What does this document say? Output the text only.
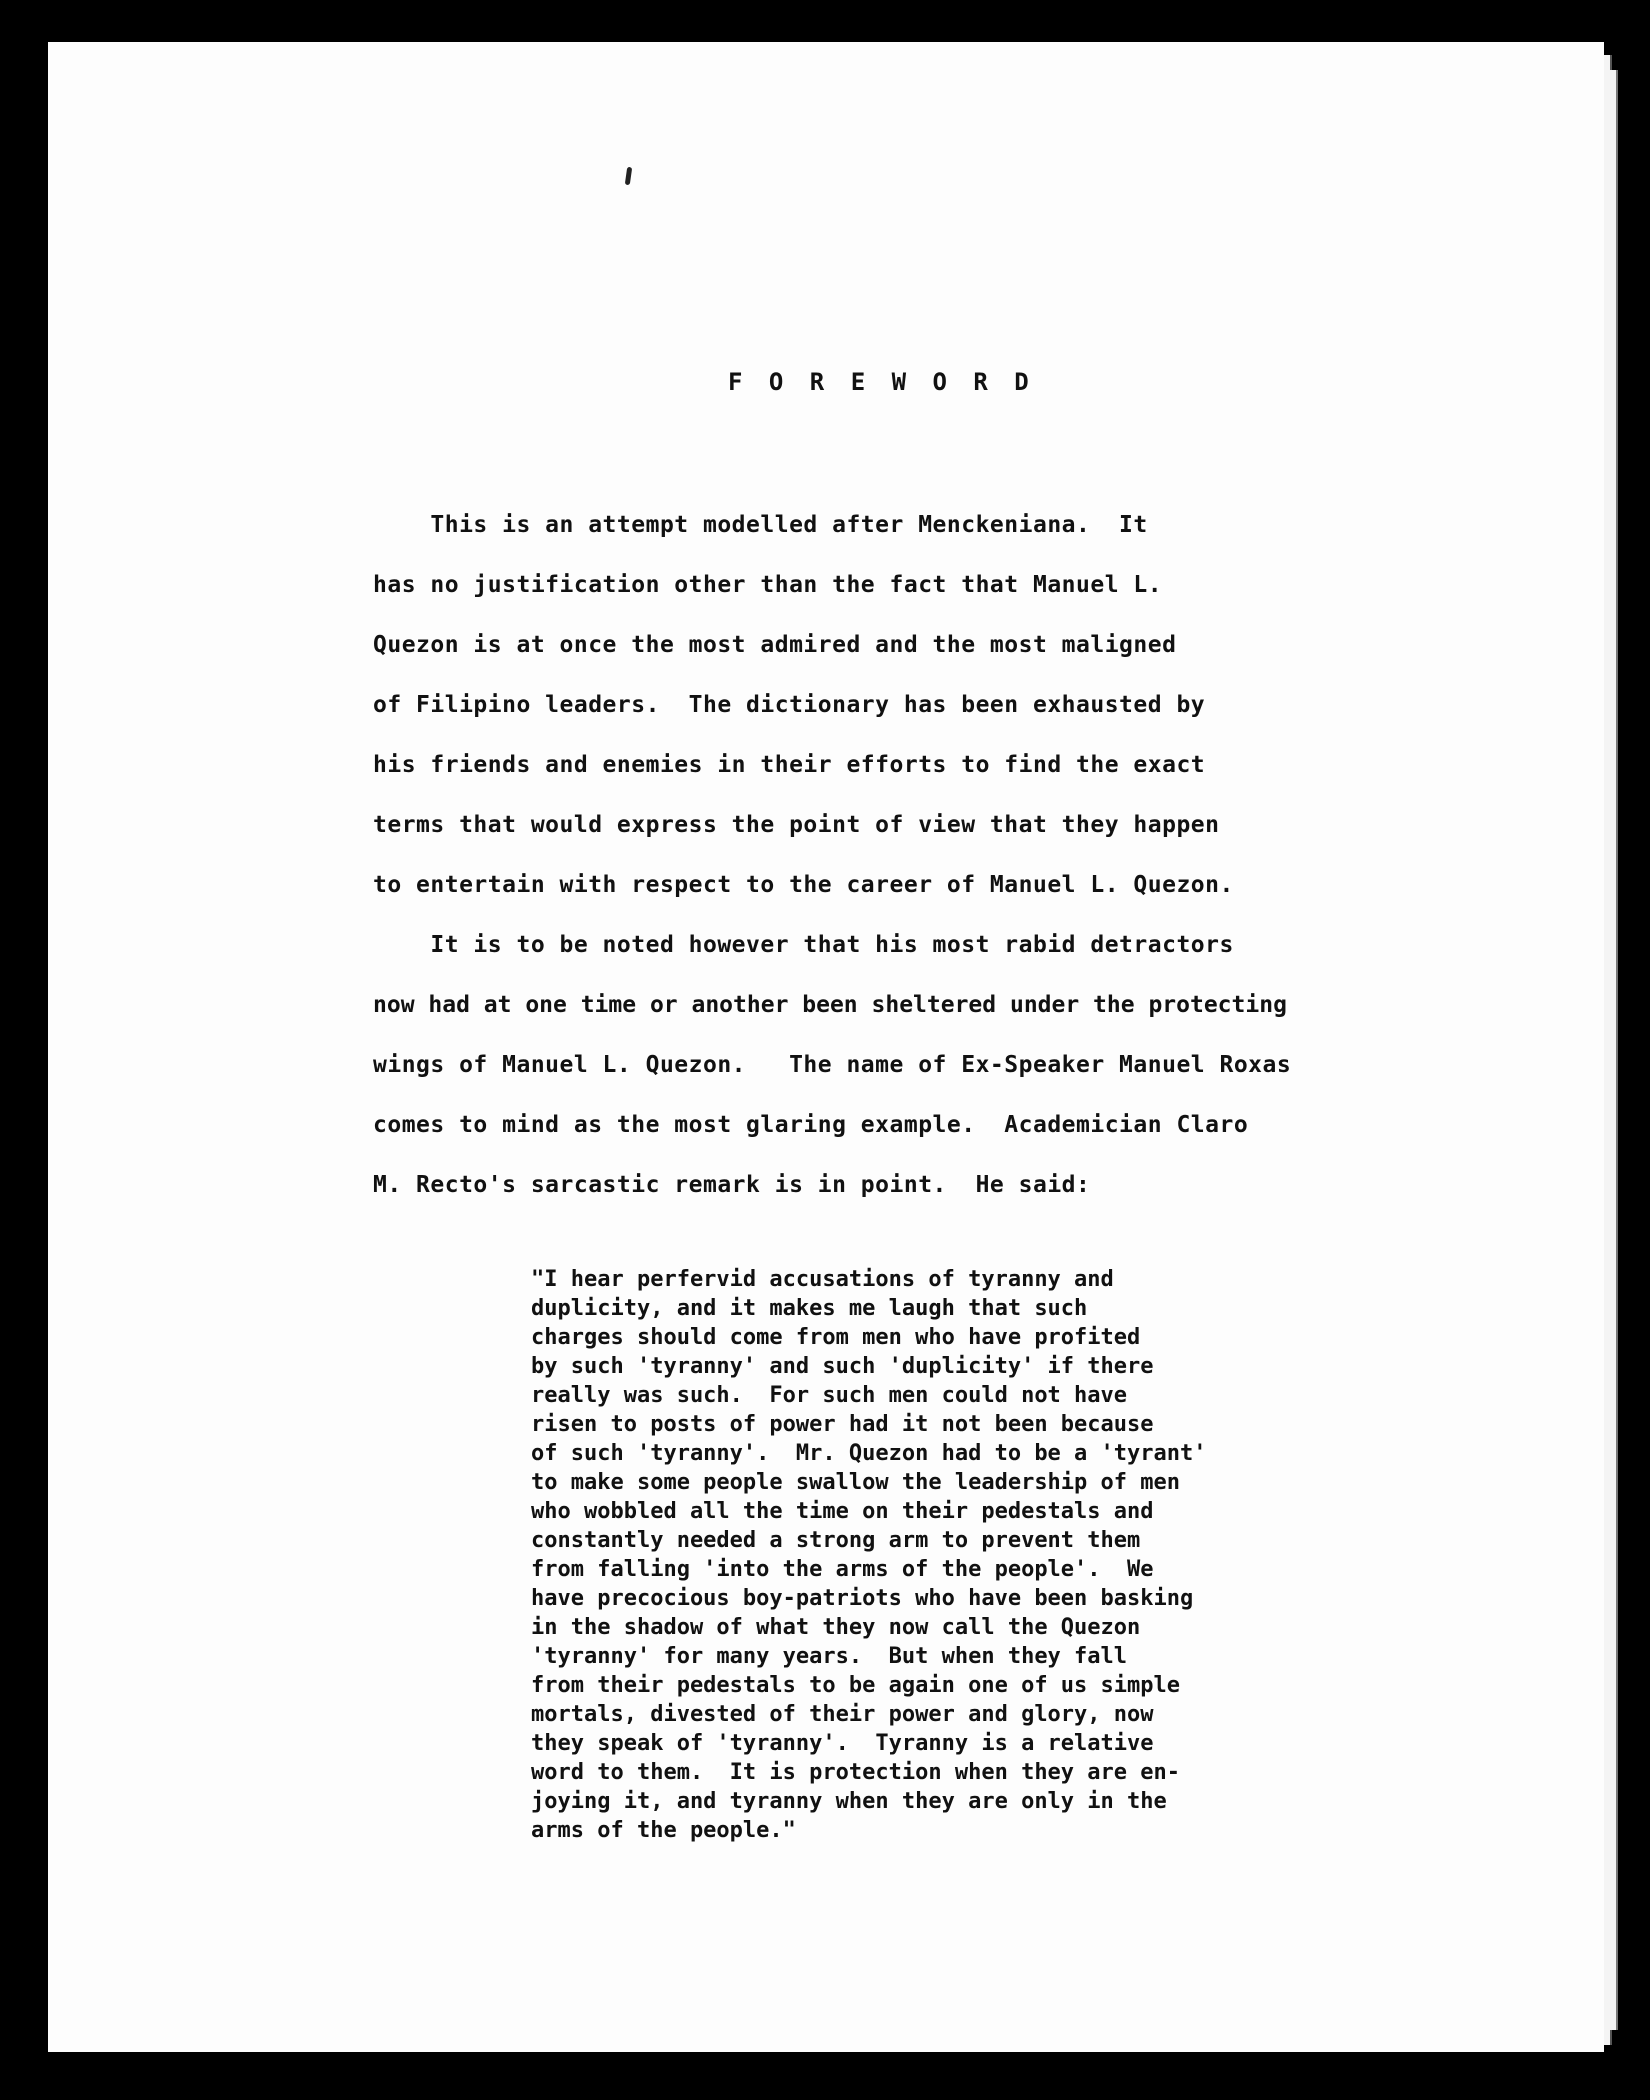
F O R E W O R D

This is an attempt modelled after Menckeniana.  It

has no justification other than the fact that Manuel L.

Quezon is at once the most admired and the most maligned

of Filipino leaders.  The dictionary has been exhausted by

his friends and enemies in their efforts to find the exact

terms that would express the point of view that they happen

to entertain with respect to the career of Manuel L. Quezon.

It is to be noted however that his most rabid detractors

now had at one time or another been sheltered under the protecting

wings of Manuel L. Quezon.   The name of Ex-Speaker Manuel Roxas

comes to mind as the most glaring example.  Academician Claro

M. Recto's sarcastic remark is in point.  He said:

"I hear perfervid accusations of tyranny and

duplicity, and it makes me laugh that such

charges should come from men who have profited

by such 'tyranny' and such 'duplicity' if there

really was such.  For such men could not have

risen to posts of power had it not been because

of such 'tyranny'.  Mr. Quezon had to be a 'tyrant'

to make some people swallow the leadership of men

who wobbled all the time on their pedestals and

constantly needed a strong arm to prevent them

from falling 'into the arms of the people'.  We

have precocious boy-patriots who have been basking

in the shadow of what they now call the Quezon

'tyranny' for many years.  But when they fall

from their pedestals to be again one of us simple

mortals, divested of their power and glory, now

they speak of 'tyranny'.  Tyranny is a relative

word to them.  It is protection when they are en-

joying it, and tyranny when they are only in the

arms of the people."
